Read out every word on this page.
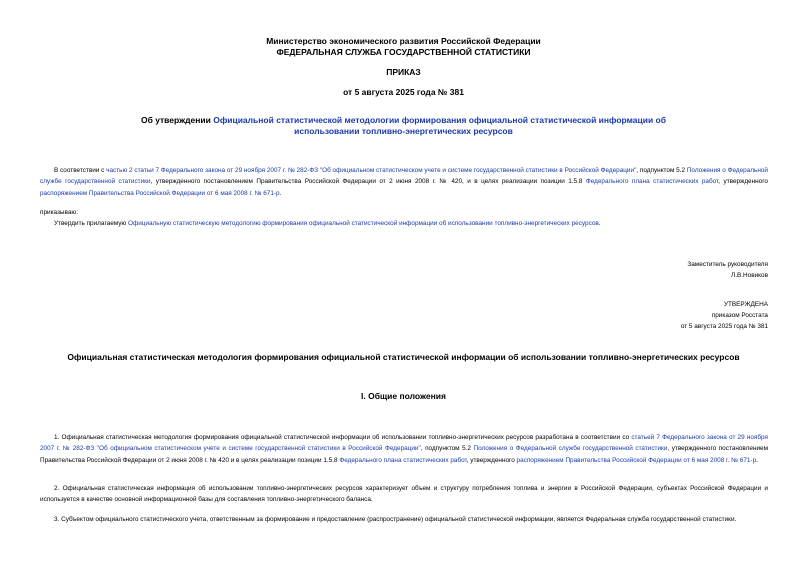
Министерство экономического развития Российской Федерации
ФЕДЕРАЛЬНАЯ СЛУЖБА ГОСУДАРСТВЕННОЙ СТАТИСТИКИ
ПРИКАЗ
от 5 августа 2025 года № 381
Об утверждении Официальной статистической методологии формирования официальной статистической информации об использовании топливно-энергетических ресурсов
В соответствии с частью 2 статьи 7 Федерального закона от 29 ноября 2007 г. № 282-ФЗ "Об официальном статистическом учете и системе государственной статистики в Российской Федерации", подпунктом 5.2 Положения о Федеральной службе государственной статистики, утвержденного постановлением Правительства Российской Федерации от 2 июня 2008 г. № 420, и в целях реализации позиции 1.5.8 Федерального плана статистических работ, утвержденного распоряжением Правительства Российской Федерации от 6 мая 2008 г. № 671-р.
приказываю:
Утвердить прилагаемую Официальную статистическую методологию формирования официальной статистической информации об использовании топливно-энергетических ресурсов.
Заместитель руководителя
Л.В.Новиков
УТВЕРЖДЕНА
приказом Росстата
от 5 августа 2025 года № 381
Официальная статистическая методология формирования официальной статистической информации об использовании топливно-энергетических ресурсов
I. Общие положения
1. Официальная статистическая методология формирования официальной статистической информации об использовании топливно-энергетических ресурсов разработана в соответствии со статьей 7 Федерального закона от 29 ноября 2007 г. № 282-ФЗ "Об официальном статистическом учете и системе государственной статистики в Российской Федерации", подпунктом 5.2 Положения о Федеральной службе государственной статистики, утвержденного постановлением Правительства Российской Федерации от 2 июня 2008 г. № 420 и в целях реализации позиции 1.5.8 Федерального плана статистических работ, утвержденного распоряжением Правительства Российской Федерации от 6 мая 2008 г. № 671-р.
2. Официальная статистическая информация об использовании топливно-энергетических ресурсов характеризует объем и структуру потребления топлива и энергии в Российской Федерации, субъектах Российской Федерации и используется в качестве основной информационной базы для составления топливно-энергетического баланса.
3. Субъектом официального статистического учета, ответственным за формирование и предоставление (распространение) официальной статистической информации, является Федеральная служба государственной статистики.
